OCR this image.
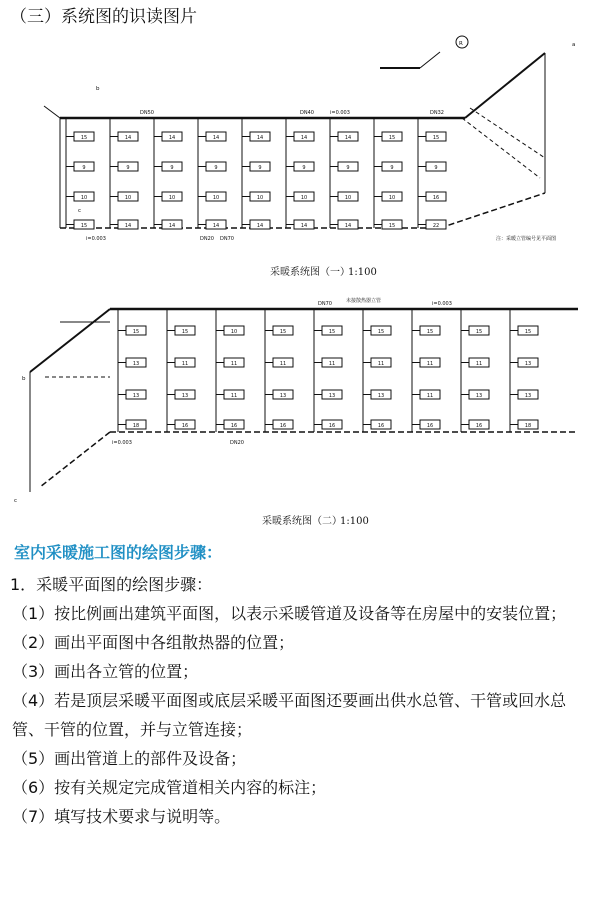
（三）系统图的识读图片
15
9
10
15
14
9
10
14
14
9
10
14
14
9
10
14
14
9
10
14
14
9
10
14
14
9
10
14
15
9
10
15
15
9
16
22
采暖系统图（一）
1:100
b
a
c
R
DN50	DN40	DN32
DN20 DN70
i=0.003
i=0.003	注：采暖立管编号见平面图
15
13
13
18
15
11
13
16
10
11
11
16
15
11
13
16
15
11
13
16
15
11
13
16
15
11
11
16
15
11
13
16
15
13
13
18
采暖系统图（二）
1:100
b
c
DN70
DN20
i=0.003
i=0.003
未接散热器立管
室内采暖施工图的绘图步骤：

1．采暖平面图的绘图步骤：

（1）按比例画出建筑平面图，以表示采暖管道及设备等在房屋中的安装位置；

（2）画出平面图中各组散热器的位置；

（3）画出各立管的位置；

（4）若是顶层采暖平面图或底层采暖平面图还要画出供水总管、干管或回水总管、干管的位置，并与立管连接；

（5）画出管道上的部件及设备；

（6）按有关规定完成管道相关内容的标注；

（7）填写技术要求与说明等。
